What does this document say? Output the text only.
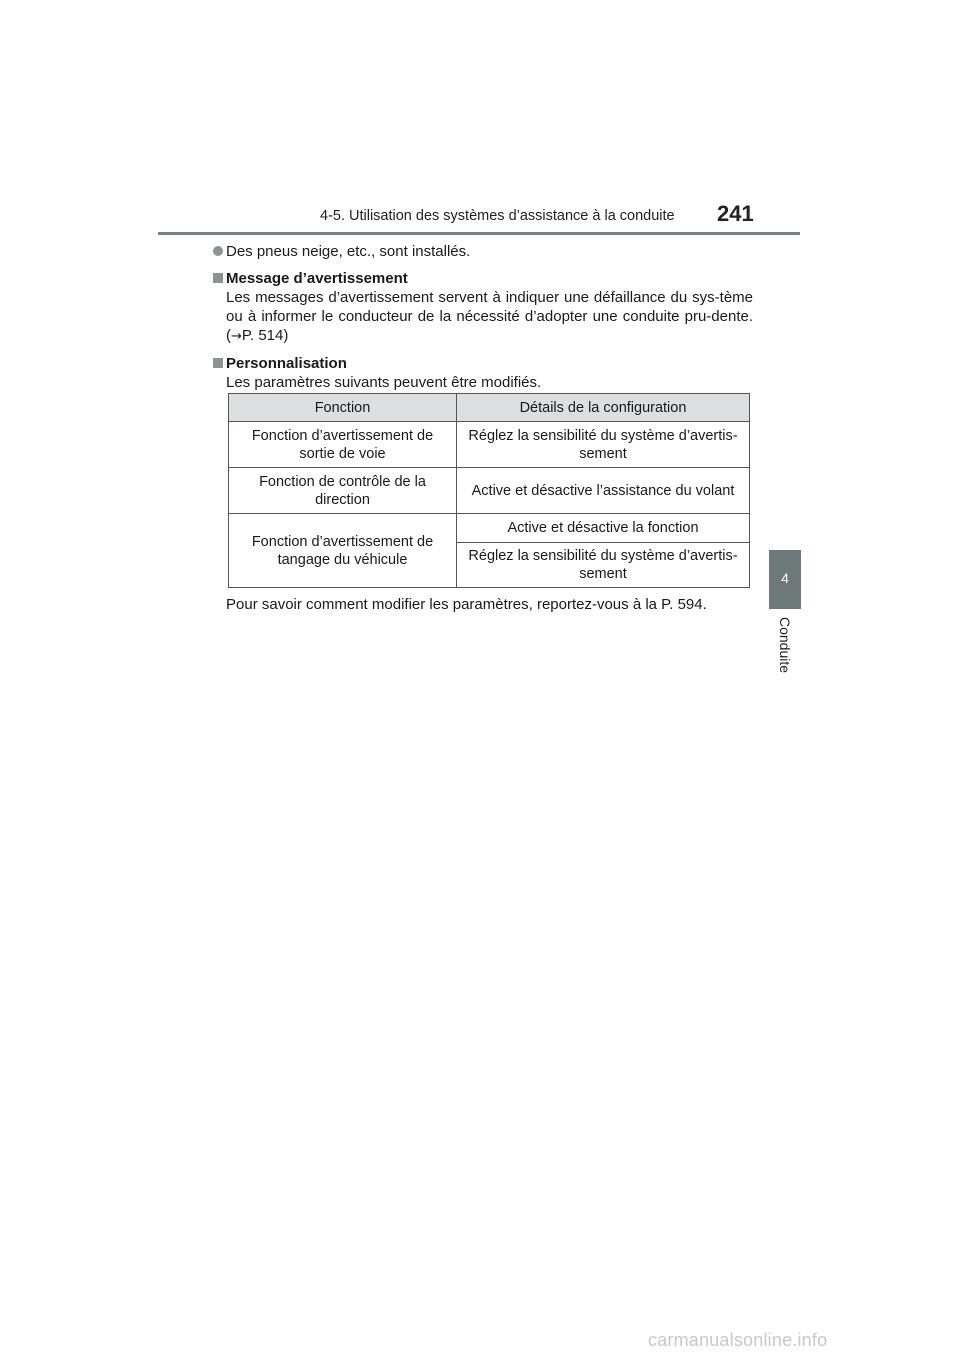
4-5. Utilisation des systèmes d’assistance à la conduite 241
4
Conduite
Des pneus neige, etc., sont installés.
Message d’avertissement
Les messages d’avertissement servent à indiquer une défaillance du sys-tème ou à informer le conducteur de la nécessité d’adopter une conduite pru-dente. (→P. 514)
Personnalisation
Les paramètres suivants peuvent être modifiés.
Fonction	Détails de la configuration
Fonction d’avertissement de sortie de voie	Réglez la sensibilité du système d’avertis-sement
Fonction de contrôle de la direction	Active et désactive l’assistance du volant
Fonction d’avertissement de tangage du véhicule	Active et désactive la fonction
	Réglez la sensibilité du système d’avertis-sement
Pour savoir comment modifier les paramètres, reportez-vous à la P. 594.
carmanualsonline.info
